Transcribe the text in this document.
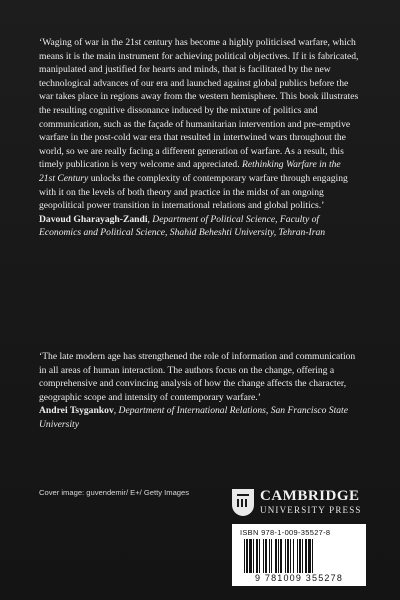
‘Waging of war in the 21st century has become a highly politicised warfare, which means it is the main instrument for achieving political objectives. If it is fabricated, manipulated and justified for hearts and minds, that is facilitated by the new technological advances of our era and launched against global publics before the war takes place in regions away from the western hemisphere. This book illustrates the resulting cognitive dissonance induced by the mixture of politics and communication, such as the façade of humanitarian intervention and pre-emptive warfare in the post-cold war era that resulted in intertwined wars throughout the world, so we are really facing a different generation of warfare. As a result, this timely publication is very welcome and appreciated. Rethinking Warfare in the 21st Century unlocks the complexity of contemporary warfare through engaging with it on the levels of both theory and practice in the midst of an ongoing geopolitical power transition in international relations and global politics.’
Davoud Gharayagh-Zandi, Department of Political Science, Faculty of Economics and Political Science, Shahid Beheshti University, Tehran-Iran

‘The late modern age has strengthened the role of information and communication in all areas of human interaction. The authors focus on the change, offering a comprehensive and convincing analysis of how the change affects the character, geographic scope and intensity of contemporary warfare.’
Andrei Tsygankov, Department of International Relations, San Francisco State University

Cover image: guvendemir/ E+/ Getty Images	CAMBRIDGE
UNIVERSITY PRESS
ISBN 978-1-009-35527-8
9 781009 355278
